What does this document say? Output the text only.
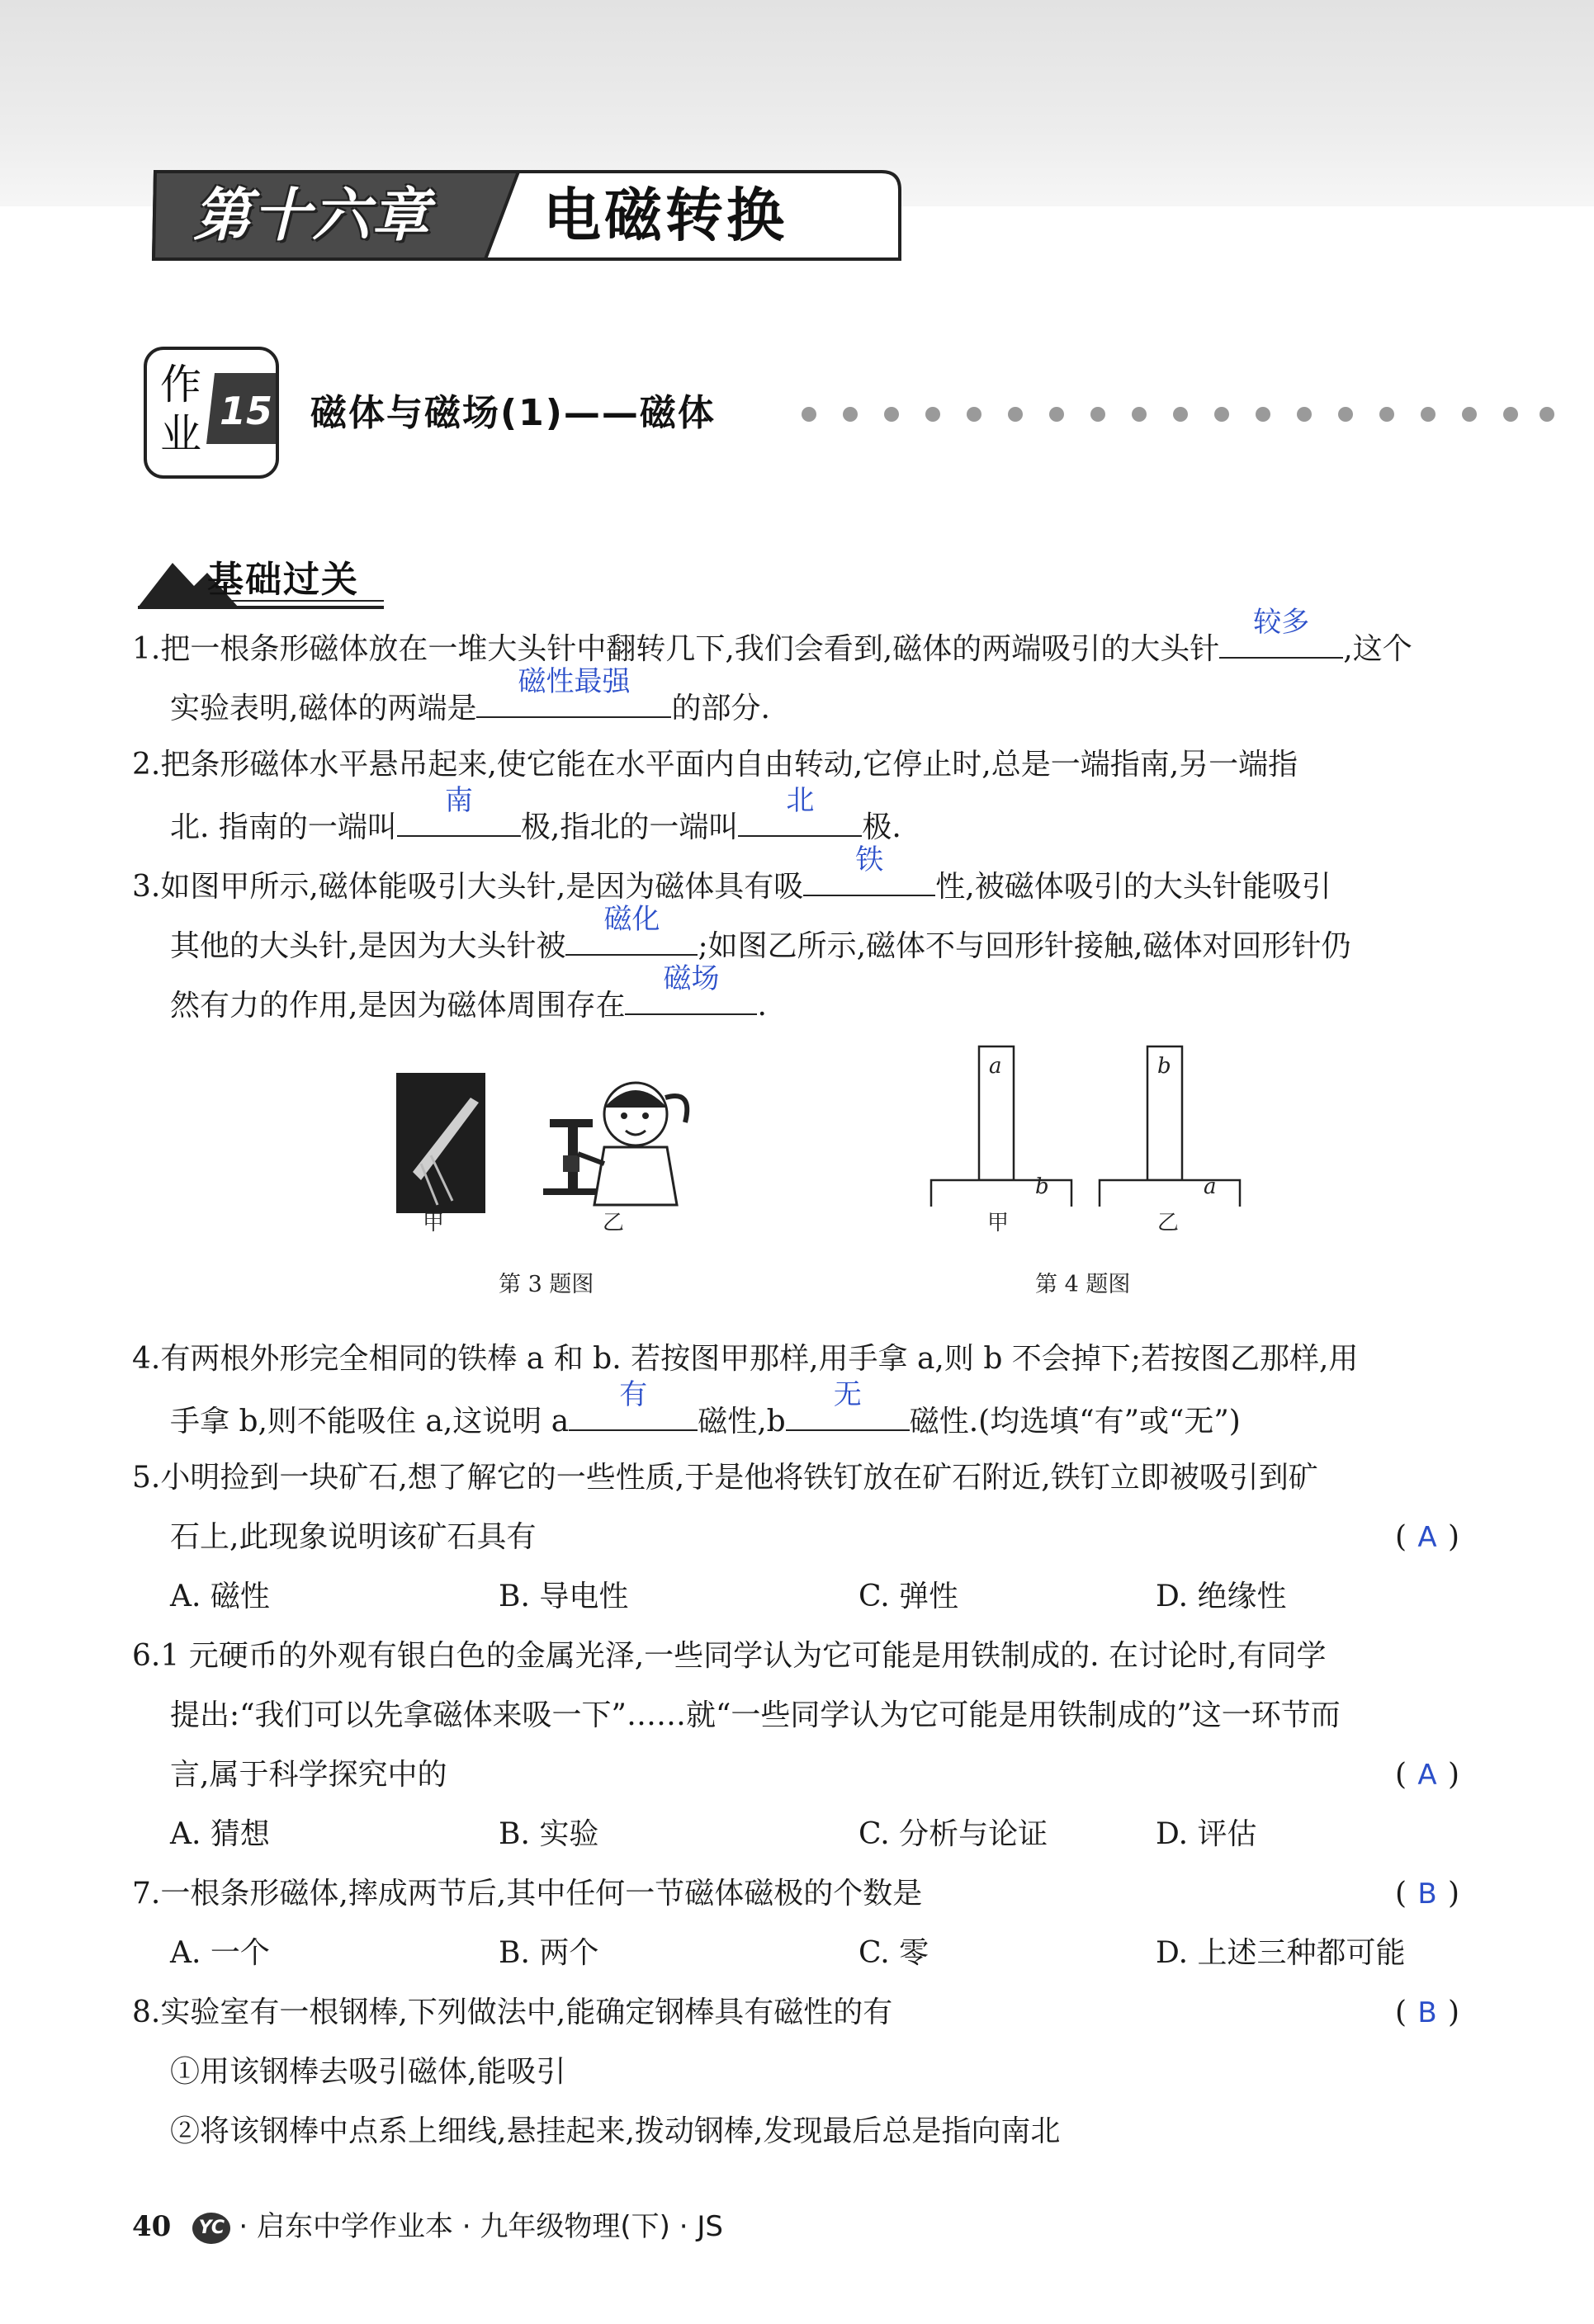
第十六章	电磁转换
作
业 15 磁体与磁场(1)——磁体
基础过关
1.把一根条形磁体放在一堆大头针中翻转几下,我们会看到,磁体的两端吸引的大头针
较多
,这个
实验表明,磁体的两端是
磁性最强
的部分.
2.把条形磁体水平悬吊起来,使它能在水平面内自由转动,它停止时,总是一端指南,另一端指
北. 指南的一端叫
南
极,指北的一端叫
北
极.
3.如图甲所示,磁体能吸引大头针,是因为磁体具有吸
铁
性,被磁体吸引的大头针能吸引
其他的大头针,是因为大头针被
磁化
;如图乙所示,磁体不与回形针接触,磁体对回形针仍
然有力的作用,是因为磁体周围存在
磁场
.
甲	乙
第 3 题图
a
b
b
a
甲	乙
第 4 题图
4.有两根外形完全相同的铁棒 a 和 b. 若按图甲那样,用手拿 a,则 b 不会掉下;若按图乙那样,用
手拿 b,则不能吸住 a,这说明 a
有
磁性,b
无
磁性.(均选填“有”或“无”)
5.小明捡到一块矿石,想了解它的一些性质,于是他将铁钉放在矿石附近,铁钉立即被吸引到矿
石上,此现象说明该矿石具有	( A )
A. 磁性	B. 导电性	C. 弹性	D. 绝缘性
6.1 元硬币的外观有银白色的金属光泽,一些同学认为它可能是用铁制成的. 在讨论时,有同学
提出:“我们可以先拿磁体来吸一下”……就“一些同学认为它可能是用铁制成的”这一环节而
言,属于科学探究中的	( A )
A. 猜想	B. 实验	C. 分析与论证	D. 评估
7.一根条形磁体,摔成两节后,其中任何一节磁体磁极的个数是	( B )
A. 一个	B. 两个	C. 零	D. 上述三种都可能
8.实验室有一根钢棒,下列做法中,能确定钢棒具有磁性的有	( B )
①用该钢棒去吸引磁体,能吸引
②将该钢棒中点系上细线,悬挂起来,拨动钢棒,发现最后总是指向南北
40 YC · 启东中学作业本 · 九年级物理(下) · JS
